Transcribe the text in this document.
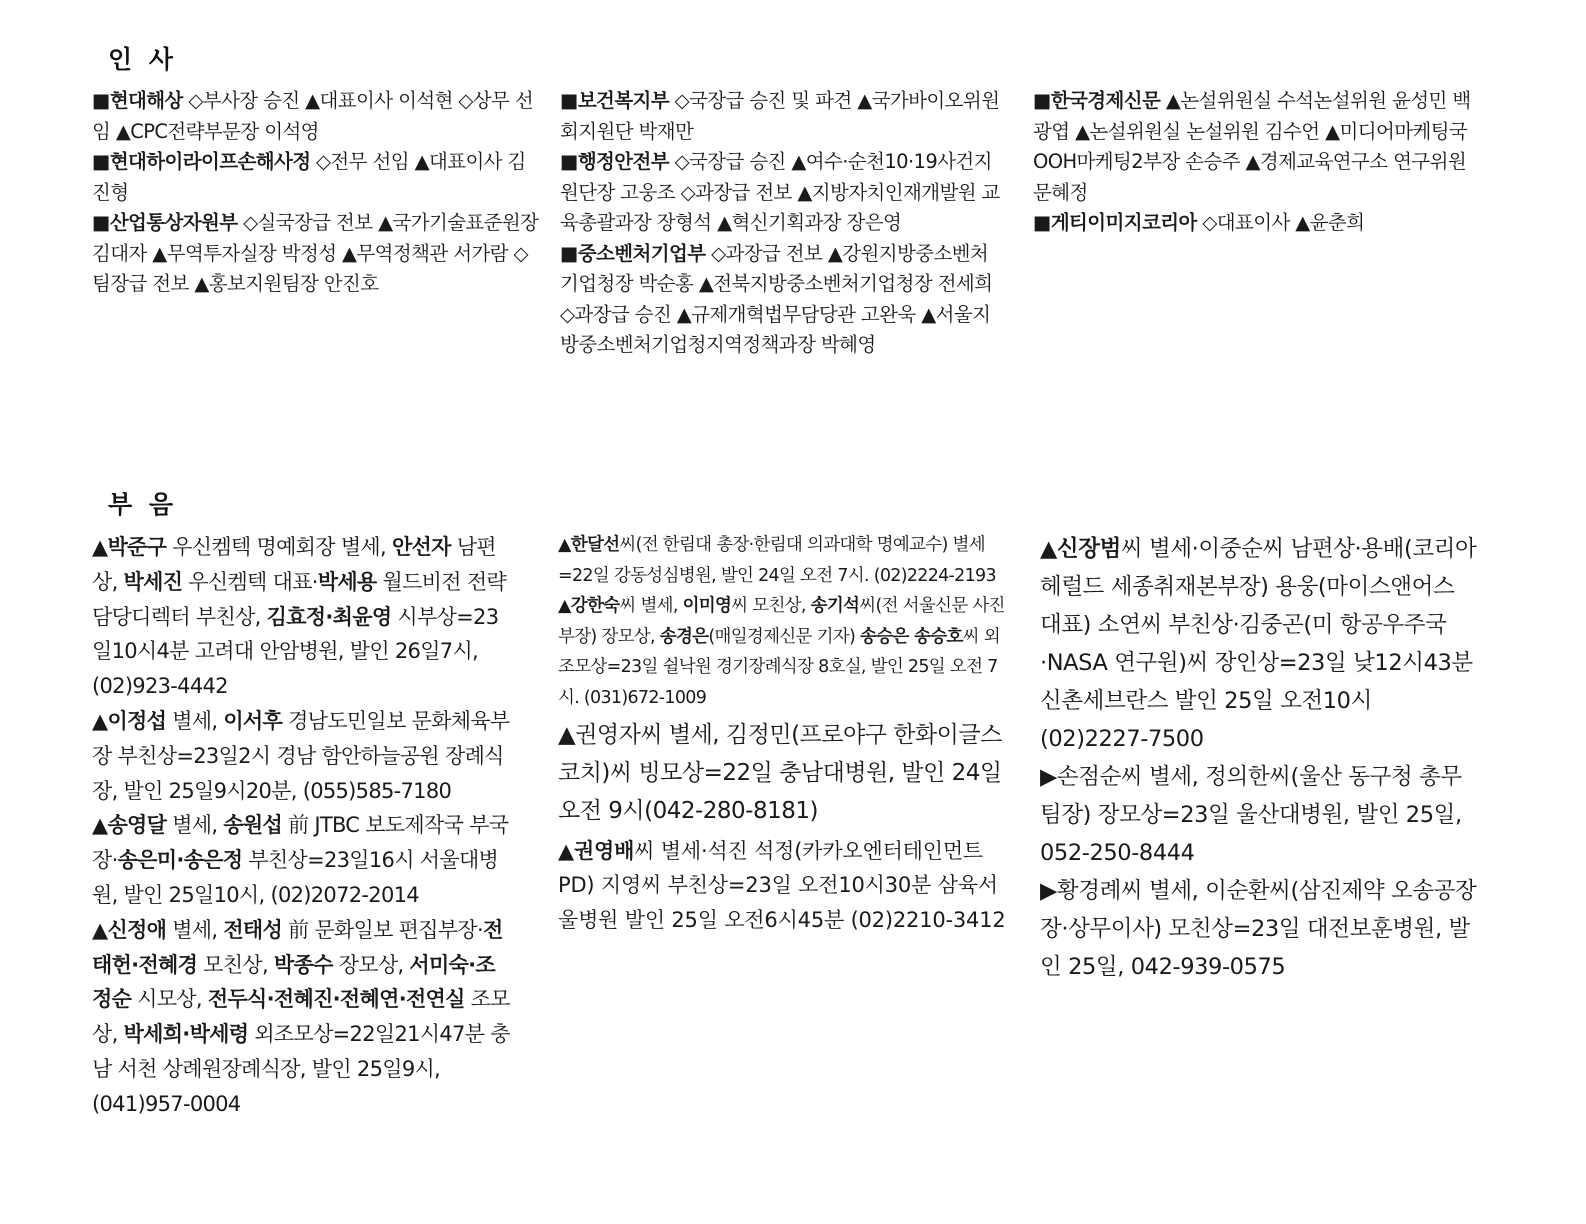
인 사

■현대해상 ◇부사장 승진 ▲대표이사 이석현 ◇상무 선임 ▲CPC전략부문장 이석영

■현대하이라이프손해사정 ◇전무 선임 ▲대표이사 김진형

■산업통상자원부 ◇실국장급 전보 ▲국가기술표준원장 김대자 ▲무역투자실장 박정성 ▲무역정책관 서가람 ◇팀장급 전보 ▲홍보지원팀장 안진호

■보건복지부 ◇국장급 승진 및 파견 ▲국가바이오위원회지원단 박재만

■행정안전부 ◇국장급 승진 ▲여수·순천10·19사건지원단장 고웅조 ◇과장급 전보 ▲지방자치인재개발원 교육총괄과장 장형석 ▲혁신기획과장 장은영

■중소벤처기업부 ◇과장급 전보 ▲강원지방중소벤처기업청장 박순홍 ▲전북지방중소벤처기업청장 전세희 ◇과장급 승진 ▲규제개혁법무담당관 고완욱 ▲서울지방중소벤처기업청지역정책과장 박혜영

■한국경제신문 ▲논설위원실 수석논설위원 윤성민 백광엽 ▲논설위원실 논설위원 김수언 ▲미디어마케팅국 OOH마케팅2부장 손승주 ▲경제교육연구소 연구위원 문혜정

■게티이미지코리아 ◇대표이사 ▲윤춘희

부 음

▲박준구 우신켐텍 명예회장 별세, 안선자 남편상, 박세진 우신켐텍 대표·박세용 월드비전 전략담당디렉터 부친상, 김효정·최윤영 시부상=23일10시4분 고려대 안암병원, 발인 26일7시, (02)923-4442

▲이정섭 별세, 이서후 경남도민일보 문화체육부장 부친상=23일2시 경남 함안하늘공원 장례식장, 발인 25일9시20분, (055)585-7180

▲송영달 별세, 송원섭 前 JTBC 보도제작국 부국장·송은미·송은정 부친상=23일16시 서울대병원, 발인 25일10시, (02)2072-2014

▲신정애 별세, 전태성 前 문화일보 편집부장·전태헌·전혜경 모친상, 박종수 장모상, 서미숙·조정순 시모상, 전두식·전혜진·전혜연·전연실 조모상, 박세희·박세령 외조모상=22일21시47분 충남 서천 상례원장례식장, 발인 25일9시, (041)957-0004

▲한달선씨(전 한림대 총장·한림대 의과대학 명예교수) 별세=22일 강동성심병원, 발인 24일 오전 7시. (02)2224-2193

▲강한숙씨 별세, 이미영씨 모친상, 송기석씨(전 서울신문 사진부장) 장모상, 송경은(매일경제신문 기자) 송승은 송승호씨 외조모상=23일 쉴낙원 경기장례식장 8호실, 발인 25일 오전 7시. (031)672-1009

▲권영자씨 별세, 김정민(프로야구 한화이글스 코치)씨 빙모상=22일 충남대병원, 발인 24일 오전 9시(042-280-8181)

▲권영배씨 별세·석진 석정(카카오엔터테인먼트 PD) 지영씨 부친상=23일 오전10시30분 삼육서울병원 발인 25일 오전6시45분 (02)2210-3412

▲신장범씨 별세·이중순씨 남편상·용배(코리아헤럴드 세종취재본부장) 용웅(마이스앤어스 대표) 소연씨 부친상·김중곤(미 항공우주국·NASA 연구원)씨 장인상=23일 낮12시43분 신촌세브란스 발인 25일 오전10시 (02)2227-7500

▶손점순씨 별세, 정의한씨(울산 동구청 총무팀장) 장모상=23일 울산대병원, 발인 25일, 052-250-8444

▶황경례씨 별세, 이순환씨(삼진제약 오송공장장·상무이사) 모친상=23일 대전보훈병원, 발인 25일, 042-939-0575
